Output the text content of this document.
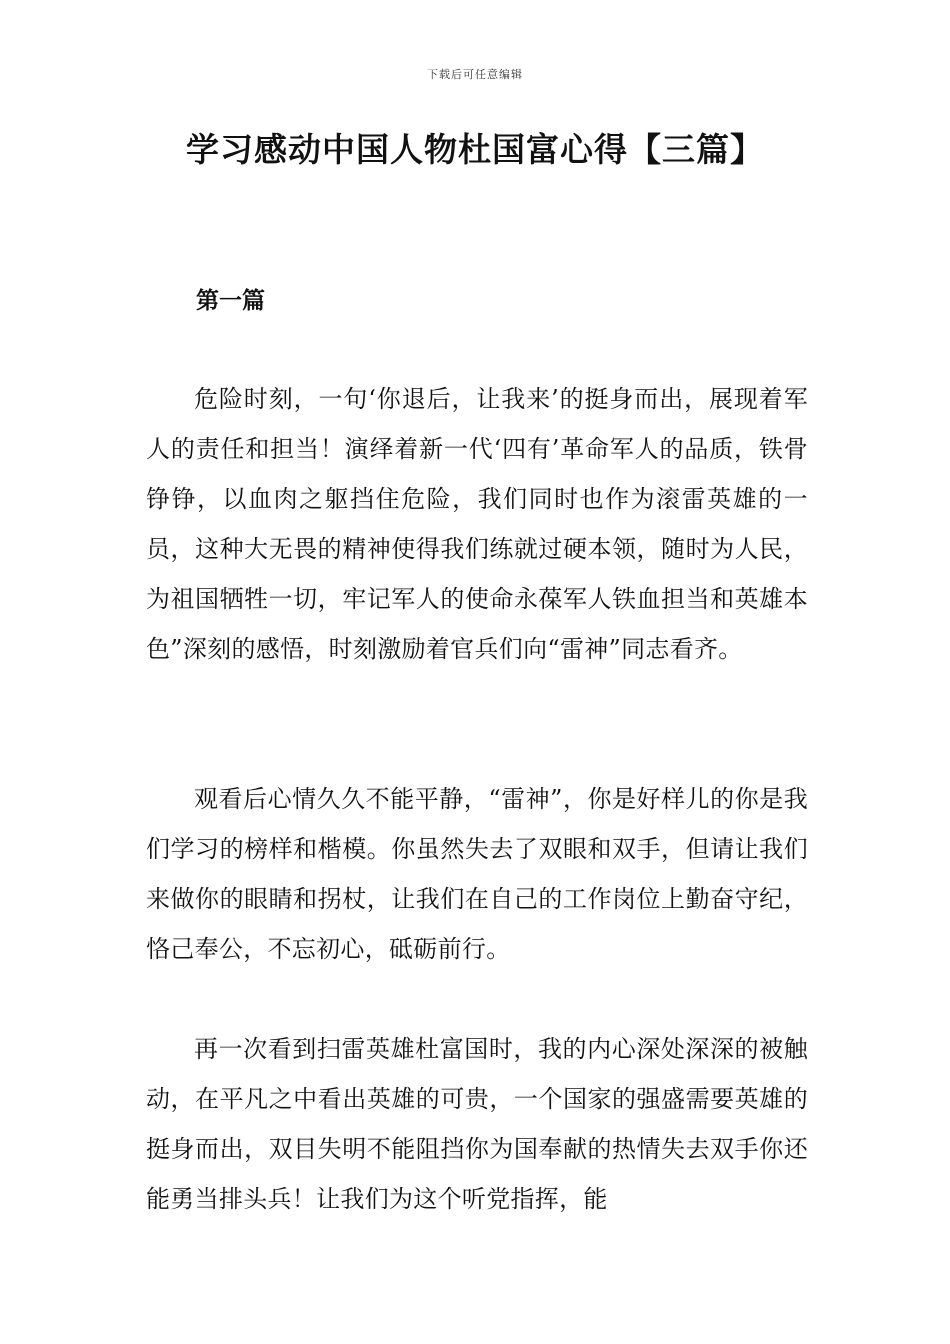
下载后可任意编辑
学习感动中国人物杜国富心得【三篇】
第一篇

危险时刻，一句‘你退后，让我来’的挺身而出，展现着军人的责任和担当！演绎着新一代‘四有’革命军人的品质，铁骨铮铮，以血肉之躯挡住危险，我们同时也作为滚雷英雄的一员，这种大无畏的精神使得我们练就过硬本领，随时为人民，为祖国牺牲一切，牢记军人的使命永葆军人铁血担当和英雄本色”深刻的感悟，时刻激励着官兵们向“雷神”同志看齐。

观看后心情久久不能平静，“雷神”，你是好样儿的你是我们学习的榜样和楷模。你虽然失去了双眼和双手，但请让我们来做你的眼睛和拐杖，让我们在自己的工作岗位上勤奋守纪，恪己奉公，不忘初心，砥砺前行。

再一次看到扫雷英雄杜富国时，我的内心深处深深的被触动，在平凡之中看出英雄的可贵，一个国家的强盛需要英雄的挺身而出，双目失明不能阻挡你为国奉献的热情失去双手你还能勇当排头兵！让我们为这个听党指挥，能
